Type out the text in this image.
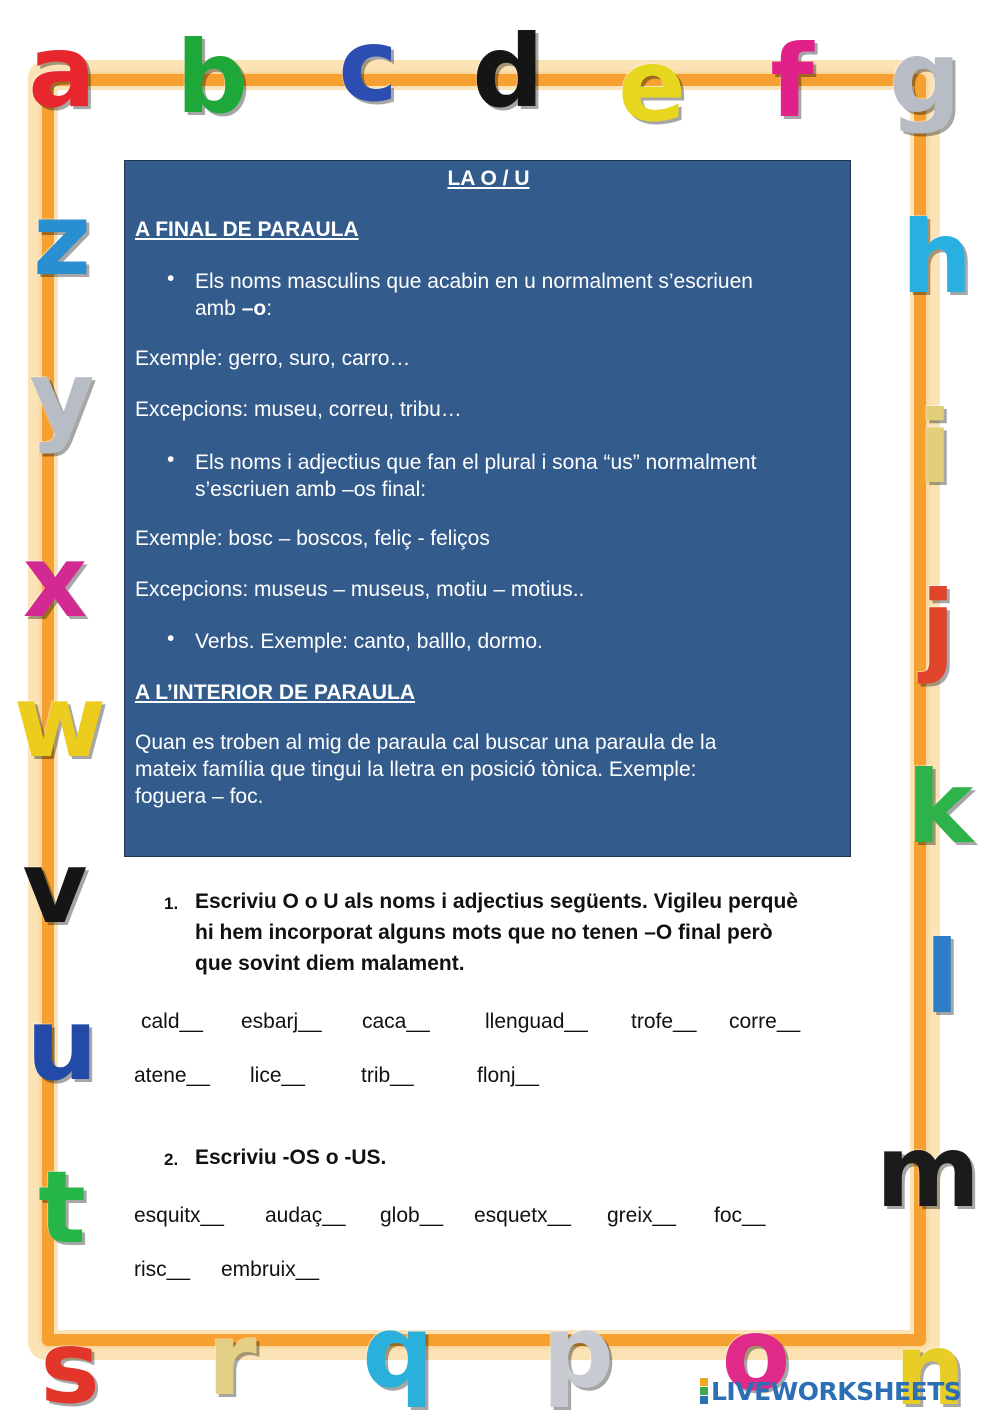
a b c d e f g
z	h
y	i
x	j
w
k
v
l
u
m
t
s r q p o n
LA O / U
A FINAL DE PARAULA
• Els noms masculins que acabin en u normalment s’escriuen
amb –o:
Exemple: gerro, suro, carro…
Excepcions: museu, correu, tribu…
• Els noms i adjectius que fan el plural i sona “us” normalment
s’escriuen amb –os final:
Exemple: bosc – boscos, feliç - feliços
Excepcions: museus – museus, motiu – motius..
• Verbs. Exemple: canto, balllo, dormo.
A L’INTERIOR DE PARAULA
Quan es troben al mig de paraula cal buscar una paraula de la
mateix família que tingui la lletra en posició tònica. Exemple:
foguera – foc.
1. Escriviu O o U als noms i adjectius següents. Vigileu perquè
hi hem incorporat alguns mots que no tenen –O final però
que sovint diem malament.
cald__ esbarj__ caca__	llenguad__ trofe__ corre__
atene__ lice__	trib__	flonj__
2. Escriviu -OS o -US.
esquitx__ audaç__ glob__ esquetx__ greix__ foc__
risc__ embruix__
LIVEWORKSHEETS
